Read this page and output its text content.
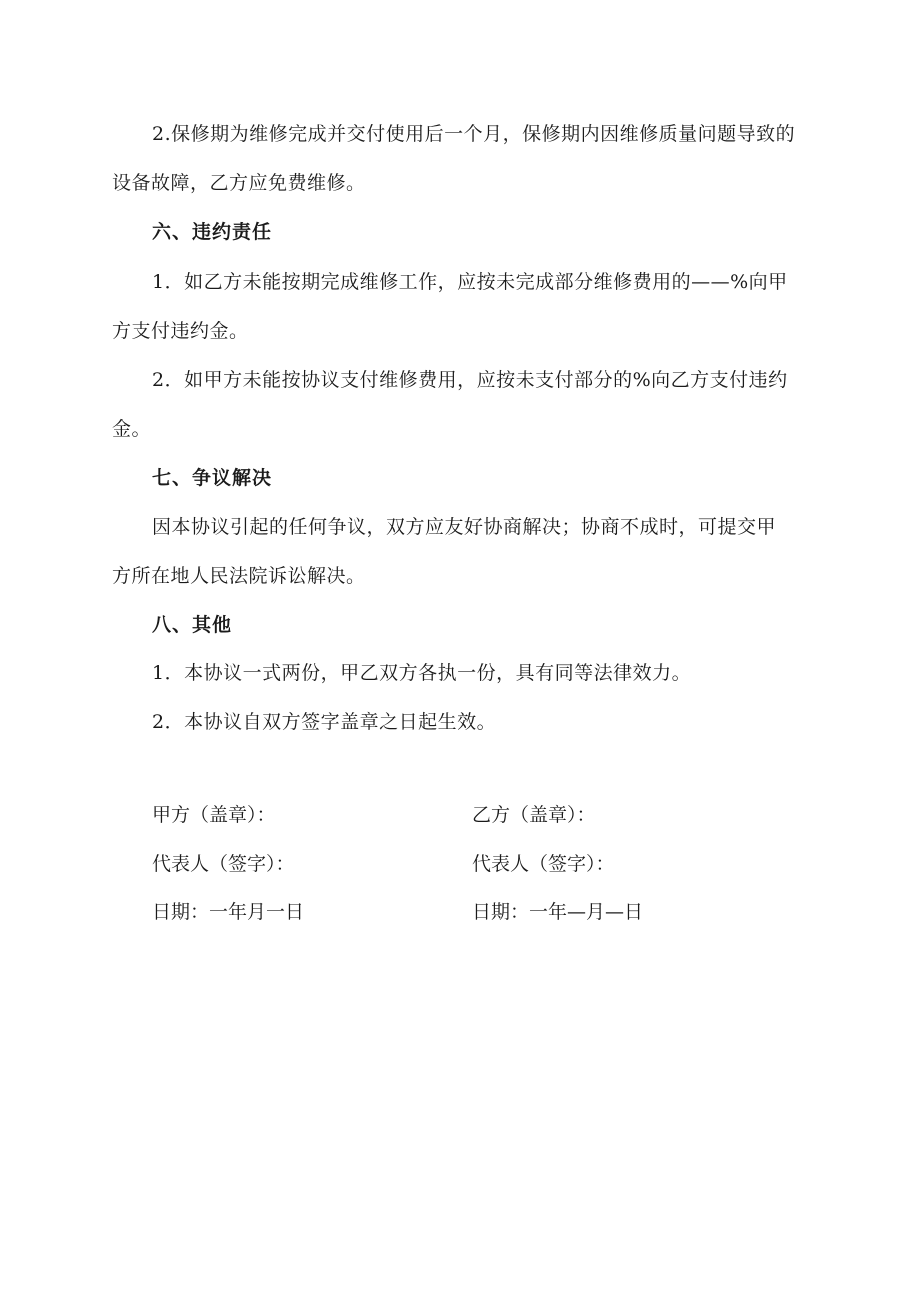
2.保修期为维修完成并交付使用后一个月，保修期内因维修质量问题导致的
设备故障，乙方应免费维修。
六、违约责任
1．如乙方未能按期完成维修工作，应按未完成部分维修费用的——%向甲
方支付违约金。
2．如甲方未能按协议支付维修费用，应按未支付部分的%向乙方支付违约
金。
七、争议解决
因本协议引起的任何争议，双方应友好协商解决；协商不成时，可提交甲
方所在地人民法院诉讼解决。
八、其他
1．本协议一式两份，甲乙双方各执一份，具有同等法律效力。
2．本协议自双方签字盖章之日起生效。
甲方（盖章）：
代表人（签字）：
日期：一年月一日
乙方（盖章）：
代表人（签字）：
日期：一年—月—日
